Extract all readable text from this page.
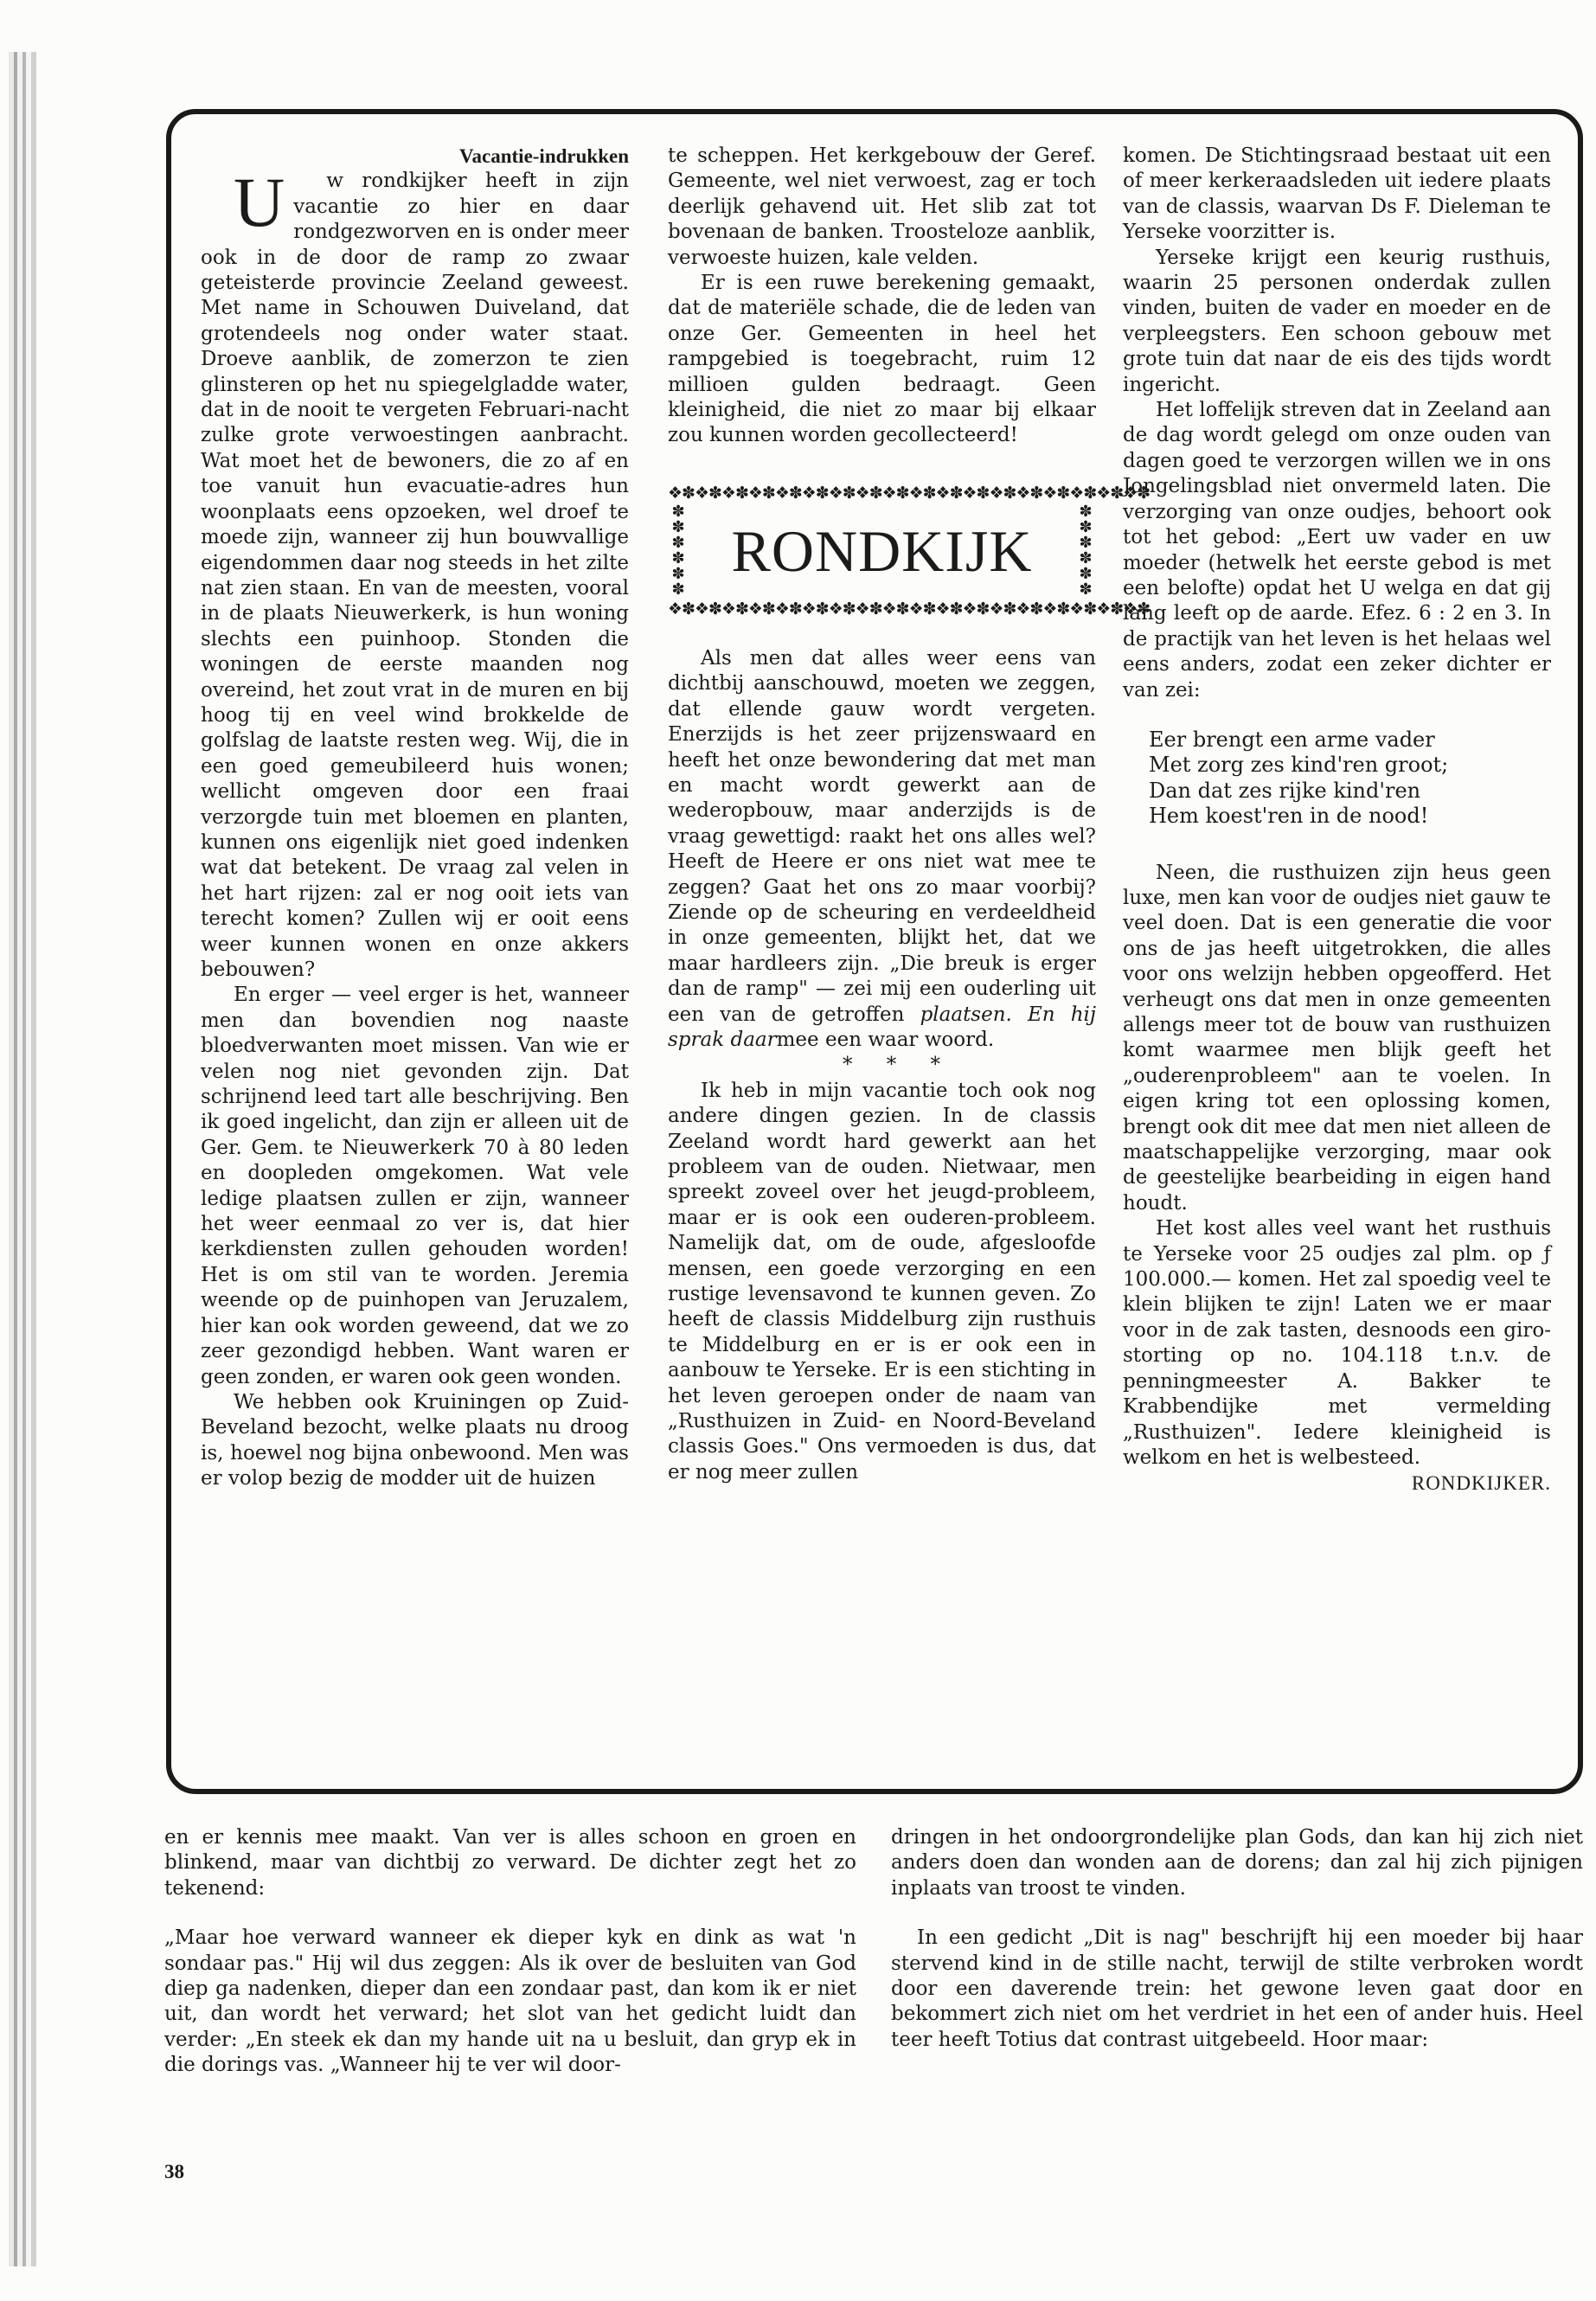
Vacantie-indrukken

U w rondkijker heeft in zijn vacantie zo hier en daar rondgezworven en is onder meer ook in de door de ramp zo zwaar geteisterde provincie Zeeland geweest. Met name in Schouwen Duiveland, dat grotendeels nog onder water staat. Droeve aanblik, de zomerzon te zien glinsteren op het nu spiegelgladde water, dat in de nooit te vergeten Februari-nacht zulke grote verwoestingen aanbracht. Wat moet het de bewoners, die zo af en toe vanuit hun evacuatie-adres hun woonplaats eens opzoeken, wel droef te moede zijn, wanneer zij hun bouwvallige eigendommen daar nog steeds in het zilte nat zien staan. En van de meesten, vooral in de plaats Nieuwerkerk, is hun woning slechts een puinhoop. Stonden die woningen de eerste maanden nog overeind, het zout vrat in de muren en bij hoog tij en veel wind brokkelde de golfslag de laatste resten weg. Wij, die in een goed gemeubileerd huis wonen; wellicht omgeven door een fraai verzorgde tuin met bloemen en planten, kunnen ons eigenlijk niet goed indenken wat dat betekent. De vraag zal velen in het hart rijzen: zal er nog ooit iets van terecht komen? Zullen wij er ooit eens weer kunnen wonen en onze akkers bebouwen?

En erger — veel erger is het, wanneer men dan bovendien nog naaste bloedverwanten moet missen. Van wie er velen nog niet gevonden zijn. Dat schrijnend leed tart alle beschrijving. Ben ik goed ingelicht, dan zijn er alleen uit de Ger. Gem. te Nieuwerkerk 70 à 80 leden en doopleden omgekomen. Wat vele ledige plaatsen zullen er zijn, wanneer het weer eenmaal zo ver is, dat hier kerkdiensten zullen gehouden worden! Het is om stil van te worden. Jeremia weende op de puinhopen van Jeruzalem, hier kan ook worden geweend, dat we zo zeer gezondigd hebben. Want waren er geen zonden, er waren ook geen wonden.

We hebben ook Kruiningen op Zuid-Beveland bezocht, welke plaats nu droog is, hoewel nog bijna onbewoond. Men was er volop bezig de modder uit de huizen

te scheppen. Het kerkgebouw der Geref. Gemeente, wel niet verwoest, zag er toch deerlijk gehavend uit. Het slib zat tot bovenaan de banken. Troosteloze aanblik, verwoeste huizen, kale velden.

Er is een ruwe berekening gemaakt, dat de materiële schade, die de leden van onze Ger. Gemeenten in heel het rampgebied is toegebracht, ruim 12 millioen gulden bedraagt. Geen kleinigheid, die niet zo maar bij elkaar zou kunnen worden gecollecteerd!

❖✽❖✽❖✽❖✽❖✽❖✽❖✽❖✽❖✽❖✽❖✽❖✽❖✽❖✽❖✽❖✽❖✽❖✽
✽✽✽✽✽✽
RONDKIJK
✽✽✽✽✽✽
❖✽❖✽❖✽❖✽❖✽❖✽❖✽❖✽❖✽❖✽❖✽❖✽❖✽❖✽❖✽❖✽❖✽❖✽

Als men dat alles weer eens van dichtbij aanschouwd, moeten we zeggen, dat ellende gauw wordt vergeten. Enerzijds is het zeer prijzenswaard en heeft het onze bewondering dat met man en macht wordt gewerkt aan de wederopbouw, maar anderzijds is de vraag gewettigd: raakt het ons alles wel? Heeft de Heere er ons niet wat mee te zeggen? Gaat het ons zo maar voorbij? Ziende op de scheuring en verdeeldheid in onze gemeenten, blijkt het, dat we maar hardleers zijn. „Die breuk is erger dan de ramp" — zei mij een ouderling uit een van de getroffen plaatsen. En hij sprak daarmee een waar woord.

* * *

Ik heb in mijn vacantie toch ook nog andere dingen gezien. In de classis Zeeland wordt hard gewerkt aan het probleem van de ouden. Nietwaar, men spreekt zoveel over het jeugd-probleem, maar er is ook een ouderen-probleem. Namelijk dat, om de oude, afgesloofde mensen, een goede verzorging en een rustige levensavond te kunnen geven. Zo heeft de classis Middelburg zijn rusthuis te Middelburg en er is er ook een in aanbouw te Yerseke. Er is een stichting in het leven geroepen onder de naam van „Rusthuizen in Zuid- en Noord-Beveland classis Goes." Ons vermoeden is dus, dat er nog meer zullen

komen. De Stichtingsraad bestaat uit een of meer kerkeraadsleden uit iedere plaats van de classis, waarvan Ds F. Dieleman te Yerseke voorzitter is.

Yerseke krijgt een keurig rusthuis, waarin 25 personen onderdak zullen vinden, buiten de vader en moeder en de verpleegsters. Een schoon gebouw met grote tuin dat naar de eis des tijds wordt ingericht.

Het loffelijk streven dat in Zeeland aan de dag wordt gelegd om onze ouden van dagen goed te verzorgen willen we in ons Jongelingsblad niet onvermeld laten. Die verzorging van onze oudjes, behoort ook tot het gebod: „Eert uw vader en uw moeder (hetwelk het eerste gebod is met een belofte) opdat het U welga en dat gij lang leeft op de aarde. Efez. 6 : 2 en 3. In de practijk van het leven is het helaas wel eens anders, zodat een zeker dichter er van zei:

Eer brengt een arme vader
Met zorg zes kind'ren groot;
Dan dat zes rijke kind'ren
Hem koest'ren in de nood!

Neen, die rusthuizen zijn heus geen luxe, men kan voor de oudjes niet gauw te veel doen. Dat is een generatie die voor ons de jas heeft uitgetrokken, die alles voor ons welzijn hebben opgeofferd. Het verheugt ons dat men in onze gemeenten allengs meer tot de bouw van rusthuizen komt waarmee men blijk geeft het „ouderenprobleem" aan te voelen. In eigen kring tot een oplossing komen, brengt ook dit mee dat men niet alleen de maatschappelijke verzorging, maar ook de geestelijke bearbeiding in eigen hand houdt.

Het kost alles veel want het rusthuis te Yerseke voor 25 oudjes zal plm. op ƒ 100.000.— komen. Het zal spoedig veel te klein blijken te zijn! Laten we er maar voor in de zak tasten, desnoods een giro-storting op no. 104.118 t.n.v. de penningmeester A. Bakker te Krabbendijke met vermelding „Rusthuizen". Iedere kleinigheid is welkom en het is welbesteed.

RONDKIJKER.

en er kennis mee maakt. Van ver is alles schoon en groen en blinkend, maar van dichtbij zo verward. De dichter zegt het zo tekenend:

„Maar hoe verward wanneer ek dieper kyk en dink as wat 'n sondaar pas." Hij wil dus zeggen: Als ik over de besluiten van God diep ga nadenken, dieper dan een zondaar past, dan kom ik er niet uit, dan wordt het verward; het slot van het gedicht luidt dan verder: „En steek ek dan my hande uit na u besluit, dan gryp ek in die dorings vas. „Wanneer hij te ver wil door-

dringen in het ondoorgrondelijke plan Gods, dan kan hij zich niet anders doen dan wonden aan de dorens; dan zal hij zich pijnigen inplaats van troost te vinden.

In een gedicht „Dit is nag" beschrijft hij een moeder bij haar stervend kind in de stille nacht, terwijl de stilte verbroken wordt door een daverende trein: het gewone leven gaat door en bekommert zich niet om het verdriet in het een of ander huis. Heel teer heeft Totius dat contrast uitgebeeld. Hoor maar:

38
